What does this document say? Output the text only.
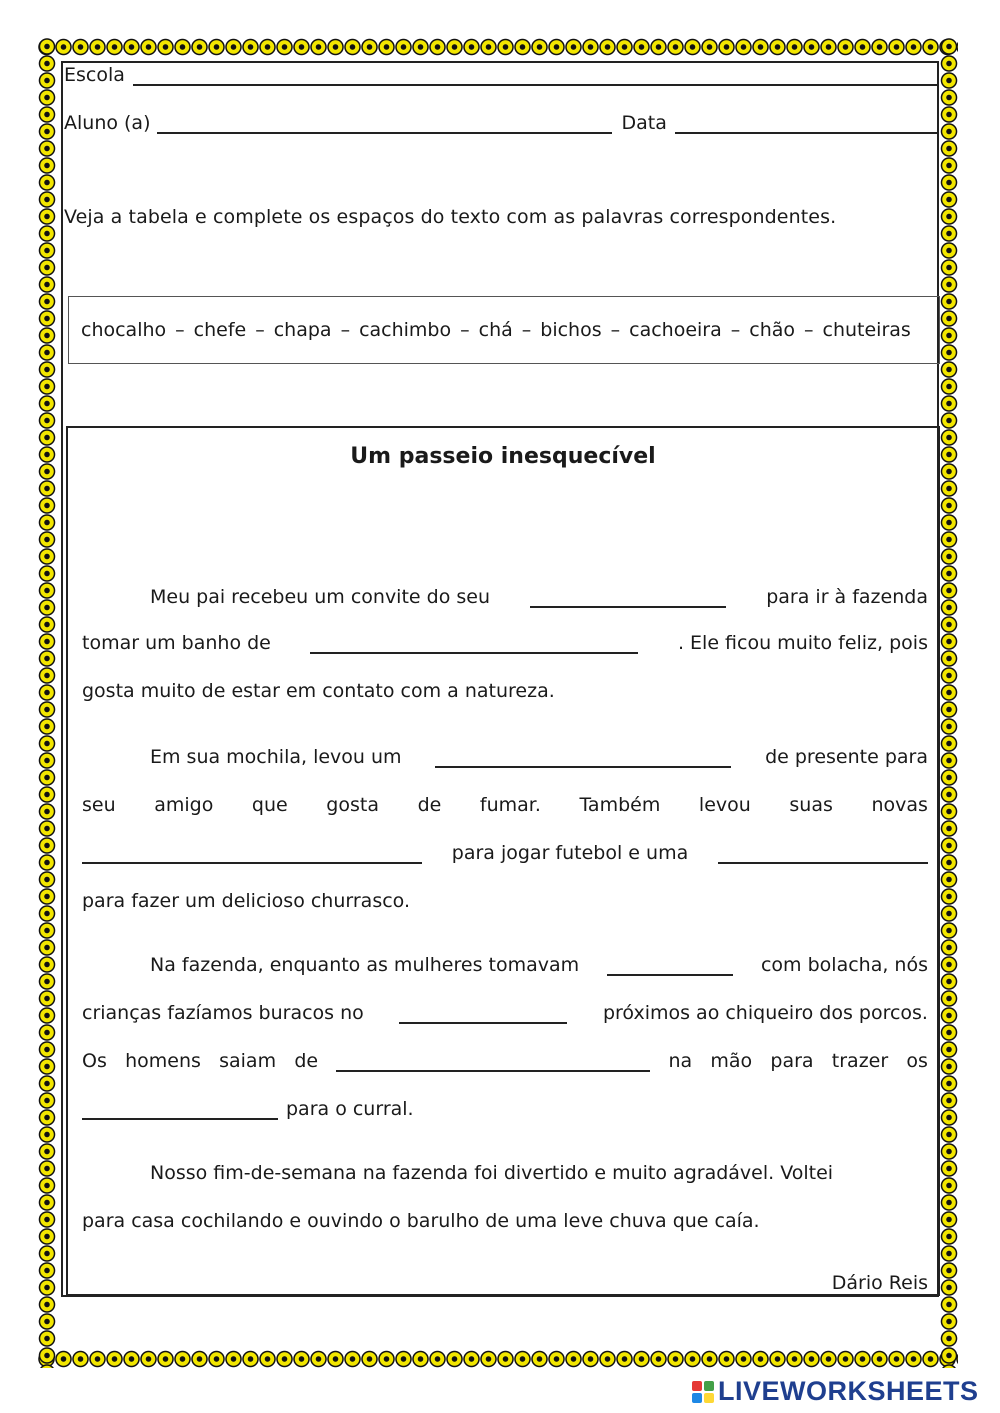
Escola
Aluno (a)	Data
Veja a tabela e complete os espaços do texto com as palavras correspondentes.
chocalho – chefe – chapa – cachimbo – chá – bichos – cachoeira – chão – chuteiras
Um passeio inesquecível
Meu pai recebeu um convite do seu	para ir à fazenda
tomar um banho de	. Ele ficou muito feliz, pois
gosta muito de estar em contato com a natureza.
Em sua mochila, levou um	de presente para
seu amigo que gosta de fumar. Também levou suas novas
para jogar futebol e uma
para fazer um delicioso churrasco.
Na fazenda, enquanto as mulheres tomavam	com bolacha, nós
crianças fazíamos buracos no	próximos ao chiqueiro dos porcos.
Os homens saiam de	na mão para trazer os
para o curral.
Nosso fim-de-semana na fazenda foi divertido e muito agradável. Voltei
para casa cochilando e ouvindo o barulho de uma leve chuva que caía.
Dário Reis
LIVEWORKSHEETS
